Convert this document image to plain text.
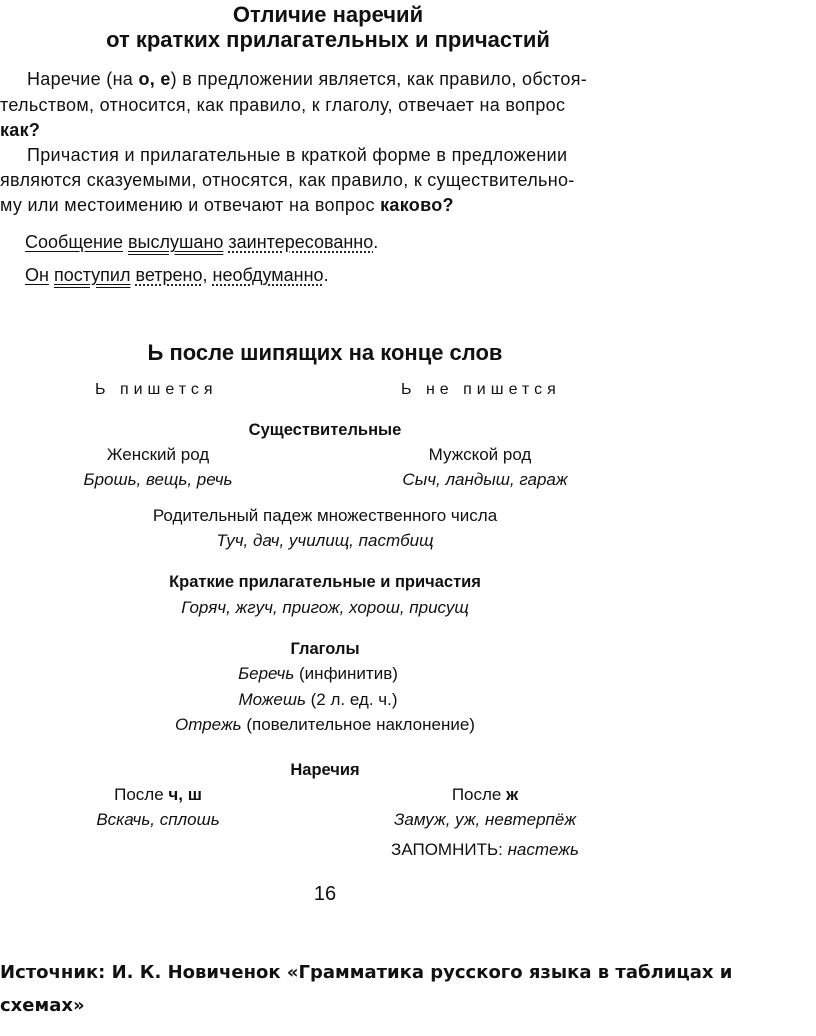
Отличие наречий
от кратких прилагательных и причастий
Наречие (на о, е) в предложении является, как правило, обстоя-
тельством, относится, как правило, к глаголу, отвечает на вопрос
как?
Причастия и прилагательные в краткой форме в предложении
являются сказуемыми, относятся, как правило, к существительно-
му или местоимению и отвечают на вопрос каково?
Сообщение выслушано заинтересованно.
Он поступил ветрено, необдуманно.
Ь после шипящих на конце слов
Ь пишется	Ь не пишется
Существительные
Женский род
Брошь, вещь, речь
Мужской род
Сыч, ландыш, гараж
Родительный падеж множественного числа
Туч, дач, училищ, пастбищ
Краткие прилагательные и причастия
Горяч, жгуч, пригож, хорош, присущ
Глаголы
Беречь (инфинитив)
Можешь (2 л. ед. ч.)
Отрежь (повелительное наклонение)
Наречия
После ч, ш
Вскачь, сплошь
После ж
Замуж, уж, невтерпёж
ЗАПОМНИТЬ: настежь
16
Источник: И. К. Новиченок «Грамматика русского языка в таблицах и
схемах»
